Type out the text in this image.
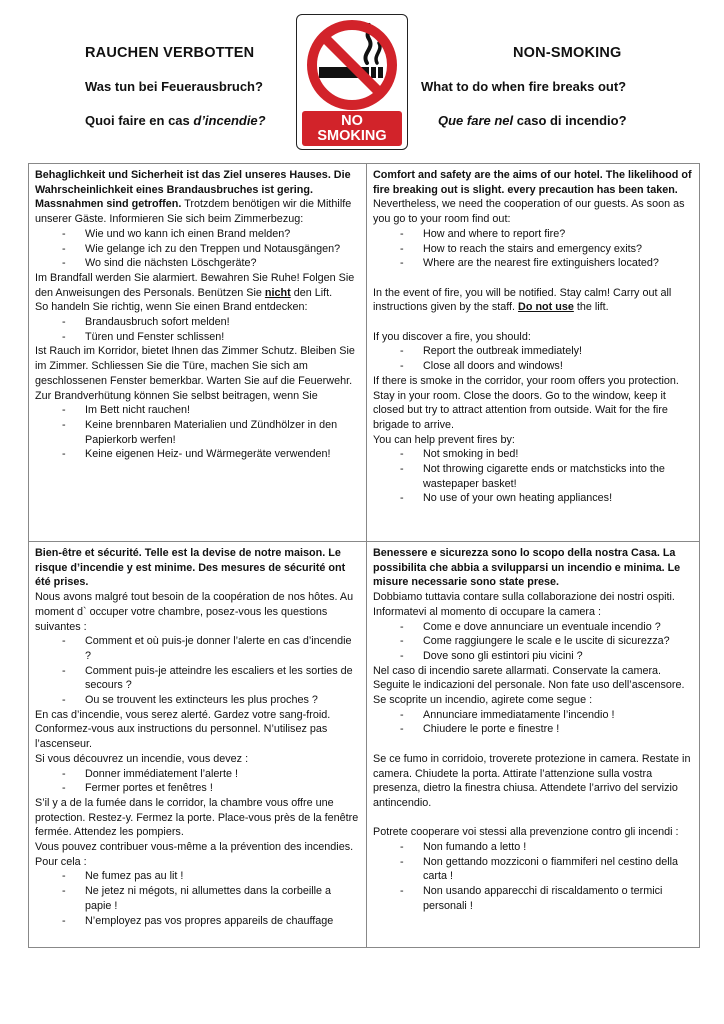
RAUCHEN VERBOTTEN
Was tun bei Feuerausbruch?
Quoi faire en cas d’incendie?
NON-SMOKING
What to do when fire breaks out?
Que fare nel caso di incendio?
NO
SMOKING

Behaglichkeit und Sicherheit ist das Ziel unseres Hauses. Die Wahrscheinlichkeit eines Brandausbruches ist gering. Massnahmen sind getroffen. Trotzdem benötigen wir die Mithilfe unserer Gäste. Informieren Sie sich beim Zimmerbezug:

- Wie und wo kann ich einen Brand melden?
- Wie gelange ich zu den Treppen und Notausgängen?
- Wo sind die nächsten Löschgeräte?

Im Brandfall werden Sie alarmiert. Bewahren Sie Ruhe! Folgen Sie den Anweisungen des Personals. Benützen Sie nicht den Lift.

So handeln Sie richtig, wenn Sie einen Brand entdecken:

- Brandausbruch sofort melden!
- Türen und Fenster schlissen!

Ist Rauch im Korridor, bietet Ihnen das Zimmer Schutz. Bleiben Sie im Zimmer. Schliessen Sie die Türe, machen Sie sich am geschlossenen Fenster bemerkbar. Warten Sie auf die Feuerwehr.

Zur Brandverhütung können Sie selbst beitragen, wenn Sie

- Im Bett nicht rauchen!
- Keine brennbaren Materialien und Zündhölzer in den Papierkorb werfen!
- Keine eigenen Heiz- und Wärmegeräte verwenden!

Comfort and safety are the aims of our hotel. The likelihood of fire breaking out is slight. every precaution has been taken. Nevertheless, we need the cooperation of our guests. As soon as you go to your room find out:

- How and where to report fire?
- How to reach the stairs and emergency exits?
- Where are the nearest fire extinguishers located?

In the event of fire, you will be notified. Stay calm! Carry out all instructions given by the staff. Do not use the lift.

If you discover a fire, you should:

- Report the outbreak immediately!
- Close all doors and windows!

If there is smoke in the corridor, your room offers you protection. Stay in your room. Close the doors. Go to the window, keep it closed but try to attract attention from outside. Wait for the fire brigade to arrive.

You can help prevent fires by:

- Not smoking in bed!
- Not throwing cigarette ends or matchsticks into the wastepaper basket!
- No use of your own heating appliances!

Bien-être et sécurité. Telle est la devise de notre maison. Le risque d’incendie y est minime. Des mesures de sécurité ont été prises.

Nous avons malgré tout besoin de la coopération de nos hôtes. Au moment d` occuper votre chambre, posez-vous les questions suivantes :

- Comment et où puis-je donner l’alerte en cas d’incendie ?
- Comment puis-je atteindre les escaliers et les sorties de secours ?
- Ou se trouvent les extincteurs les plus proches ?

En cas d’incendie, vous serez alerté. Gardez votre sang-froid. Conformez-vous aux instructions du personnel. N’utilisez pas l’ascenseur.

Si vous découvrez un incendie, vous devez :

- Donner immédiatement l’alerte !
- Fermer portes et fenêtres !

S’il y a de la fumée dans le corridor, la chambre vous offre une protection. Restez-y. Fermez la porte. Place-vous près de la fenêtre fermée. Attendez les pompiers.

Vous pouvez contribuer vous-même a la prévention des incendies. Pour cela :

- Ne fumez pas au lit !
- Ne jetez ni mégots, ni allumettes dans la corbeille a papie !
- N’employez pas vos propres appareils de chauffage

Benessere e sicurezza sono lo scopo della nostra Casa. La possibilita che abbia a svilupparsi un incendio e minima. Le misure necessarie sono state prese.

Dobbiamo tuttavia contare sulla collaborazione dei nostri ospiti. Informatevi al momento di occupare la camera :

- Come e dove annunciare un eventuale incendio ?
- Come raggiungere le scale e le uscite di sicurezza?
- Dove sono gli estintori piu vicini ?

Nel caso di incendio sarete allarmati. Conservate la camera. Seguite le indicazioni del personale. Non fate uso dell’ascensore.

Se scoprite un incendio, agirete come segue :

- Annunciare immediatamente l’incendio !
- Chiudere le porte e finestre !

Se ce fumo in corridoio, troverete protezione in camera. Restate in camera. Chiudete la porta. Attirate l’attenzione sulla vostra presenza, dietro la finestra chiusa. Attendete l’arrivo del servizio antincendio.

Potrete cooperare voi stessi alla prevenzione contro gli incendi :

- Non fumando a letto !
- Non gettando mozziconi o fiammiferi nel cestino della carta !
- Non usando apparecchi di riscaldamento o termici personali !
